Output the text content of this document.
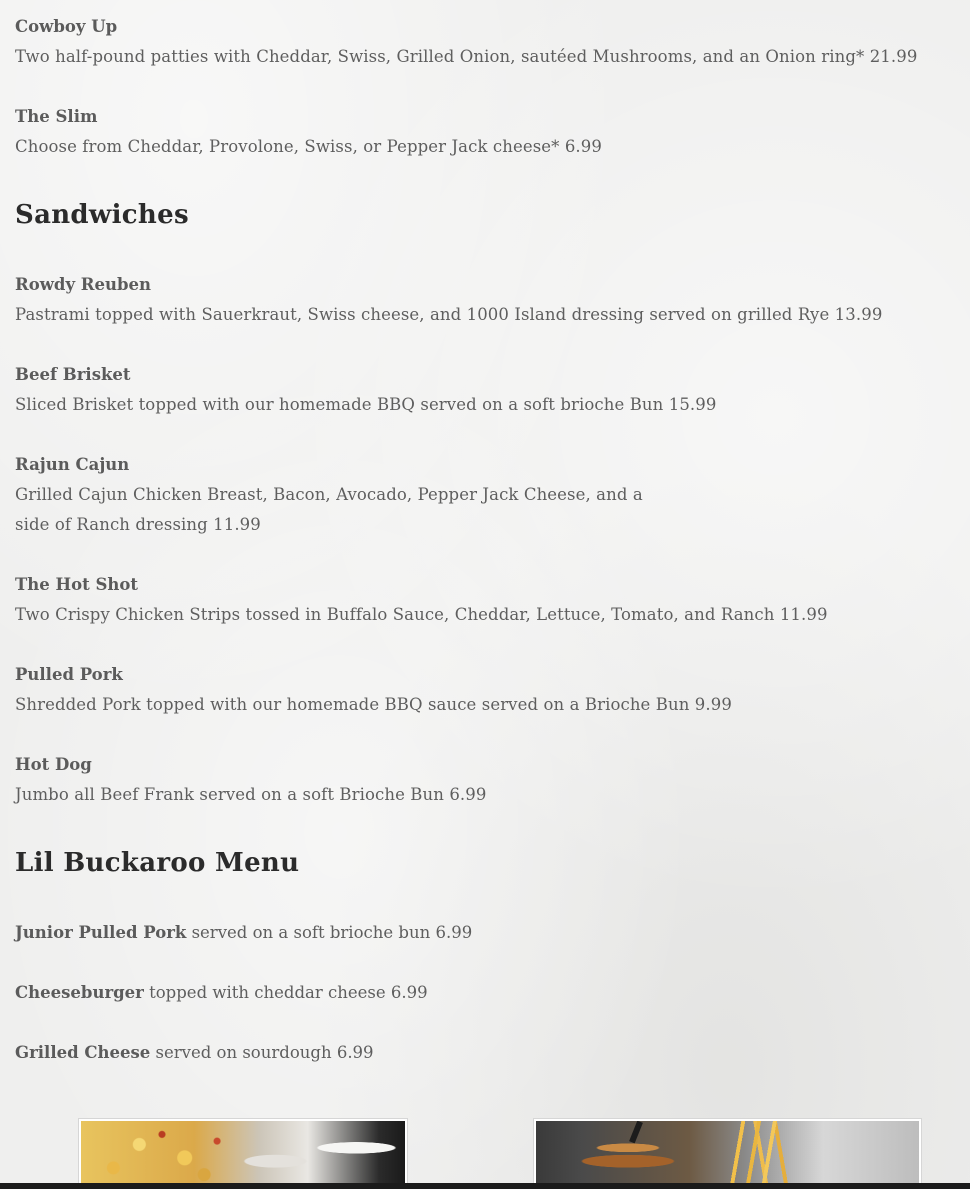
Cowboy Up
Two half-pound patties with Cheddar, Swiss, Grilled Onion, sautéed Mushrooms, and an Onion ring* 21.99
The Slim
Choose from Cheddar, Provolone, Swiss, or Pepper Jack cheese* 6.99
Sandwiches
Rowdy Reuben
Pastrami topped with Sauerkraut, Swiss cheese, and 1000 Island dressing served on grilled Rye 13.99
Beef Brisket
Sliced Brisket topped with our homemade BBQ served on a soft brioche Bun 15.99
Rajun Cajun
Grilled Cajun Chicken Breast, Bacon, Avocado, Pepper Jack Cheese, and a side of Ranch dressing 11.99
The Hot Shot
Two Crispy Chicken Strips tossed in Buffalo Sauce, Cheddar, Lettuce, Tomato, and Ranch 11.99
Pulled Pork
Shredded Pork topped with our homemade BBQ sauce served on a Brioche Bun 9.99
Hot Dog
Jumbo all Beef Frank served on a soft Brioche Bun 6.99
Lil Buckaroo Menu
Junior Pulled Pork served on a soft brioche bun 6.99
Cheeseburger topped with cheddar cheese 6.99
Grilled Cheese served on sourdough 6.99
